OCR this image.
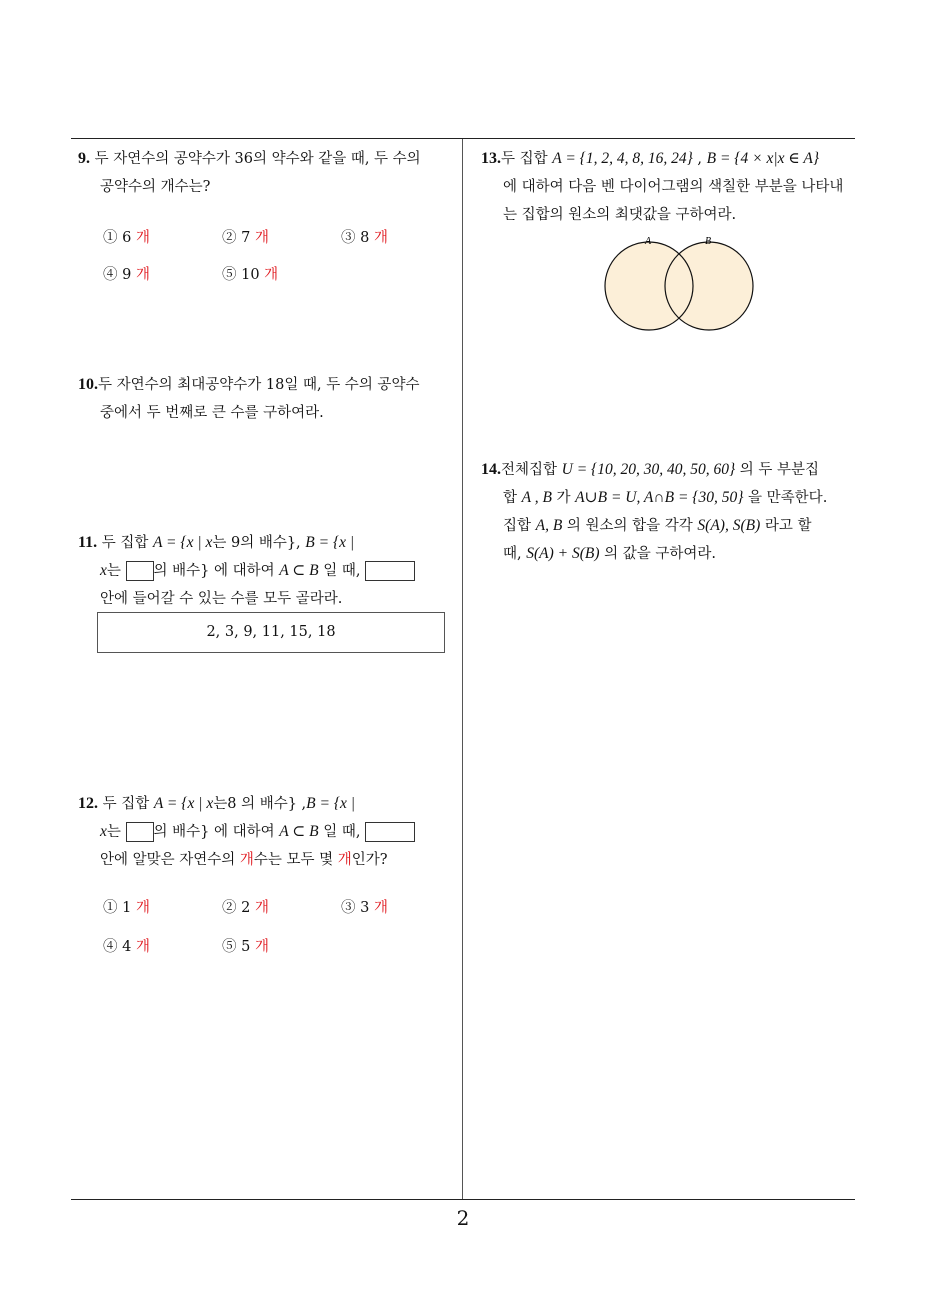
9. 두 자연수의 공약수가 36의 약수와 같을 때, 두 수의
공약수의 개수는?
① 6 개	② 7 개	③ 8 개
④ 9 개	⑤ 10 개
10.두 자연수의 최대공약수가 18일 때, 두 수의 공약수
중에서 두 번째로 큰 수를 구하여라.
11. 두 집합 A = {x | x는 9의 배수}, B = {x |
x는 의 배수} 에 대하여 A ⊂ B 일 때,
안에 들어갈 수 있는 수를 모두 골라라.
2, 3, 9, 11, 15, 18
12. 두 집합 A = {x | x는8 의 배수} ,B = {x |
x는 의 배수} 에 대하여 A ⊂ B 일 때,
안에 알맞은 자연수의 개수는 모두 몇 개인가?
① 1 개	② 2 개	③ 3 개
④ 4 개	⑤ 5 개
13.두 집합 A = {1, 2, 4, 8, 16, 24} , B = {4 × x|x ∈ A}
에 대하여 다음 벤 다이어그램의 색칠한 부분을 나타내
는 집합의 원소의 최댓값을 구하여라.
A	B
14.전체집합 U = {10, 20, 30, 40, 50, 60} 의 두 부분집
합 A , B 가 A∪B = U, A∩B = {30, 50} 을 만족한다.
집합 A, B 의 원소의 합을 각각 S(A), S(B) 라고 할
때, S(A) + S(B) 의 값을 구하여라.
2
